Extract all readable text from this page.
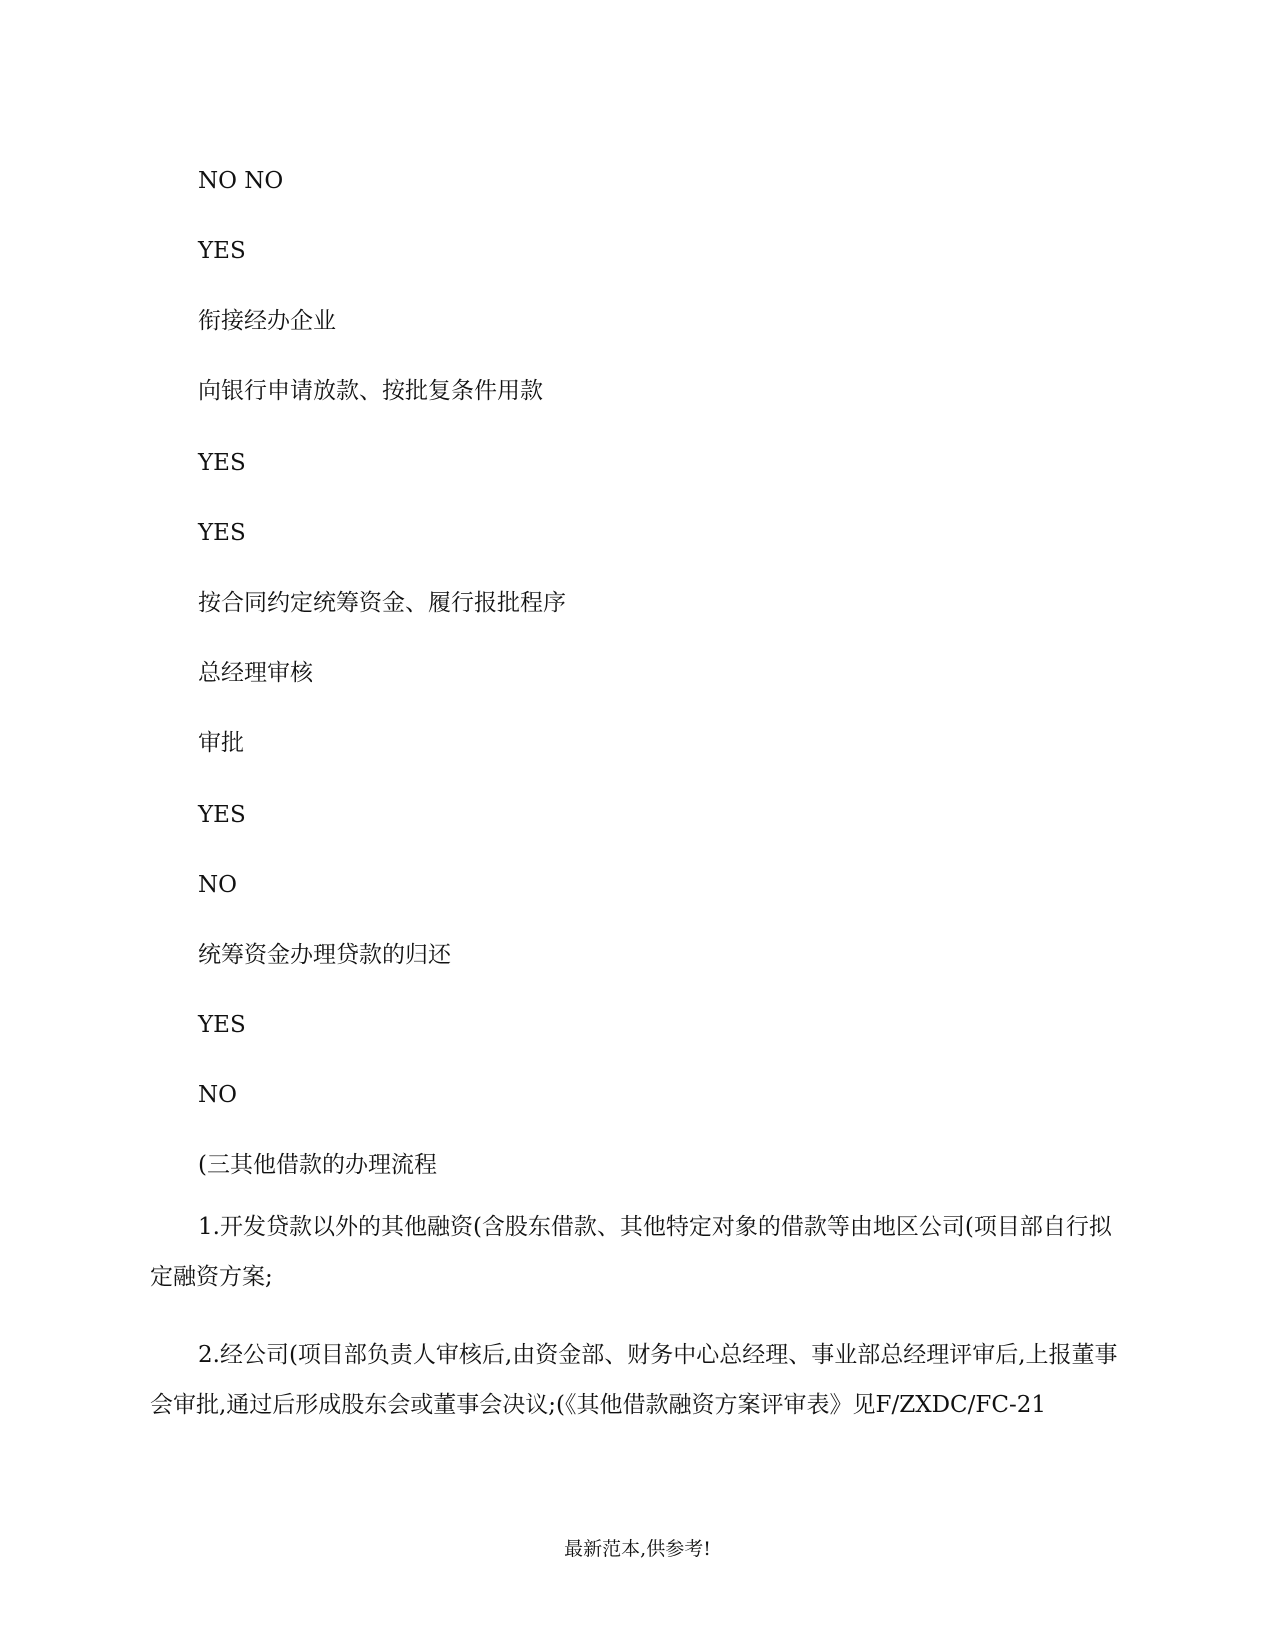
NO NO
YES
衔接经办企业
向银行申请放款、按批复条件用款
YES
YES
按合同约定统筹资金、履行报批程序
总经理审核
审批
YES
NO
统筹资金办理贷款的归还
YES
NO
(三其他借款的办理流程
1.开发贷款以外的其他融资(含股东借款、其他特定对象的借款等由地区公司(项目部自行拟定融资方案;
2.经公司(项目部负责人审核后,由资金部、财务中心总经理、事业部总经理评审后,上报董事会审批,通过后形成股东会或董事会决议;(《其他借款融资方案评审表》见F/ZXDC/FC-21
最新范本,供参考!
